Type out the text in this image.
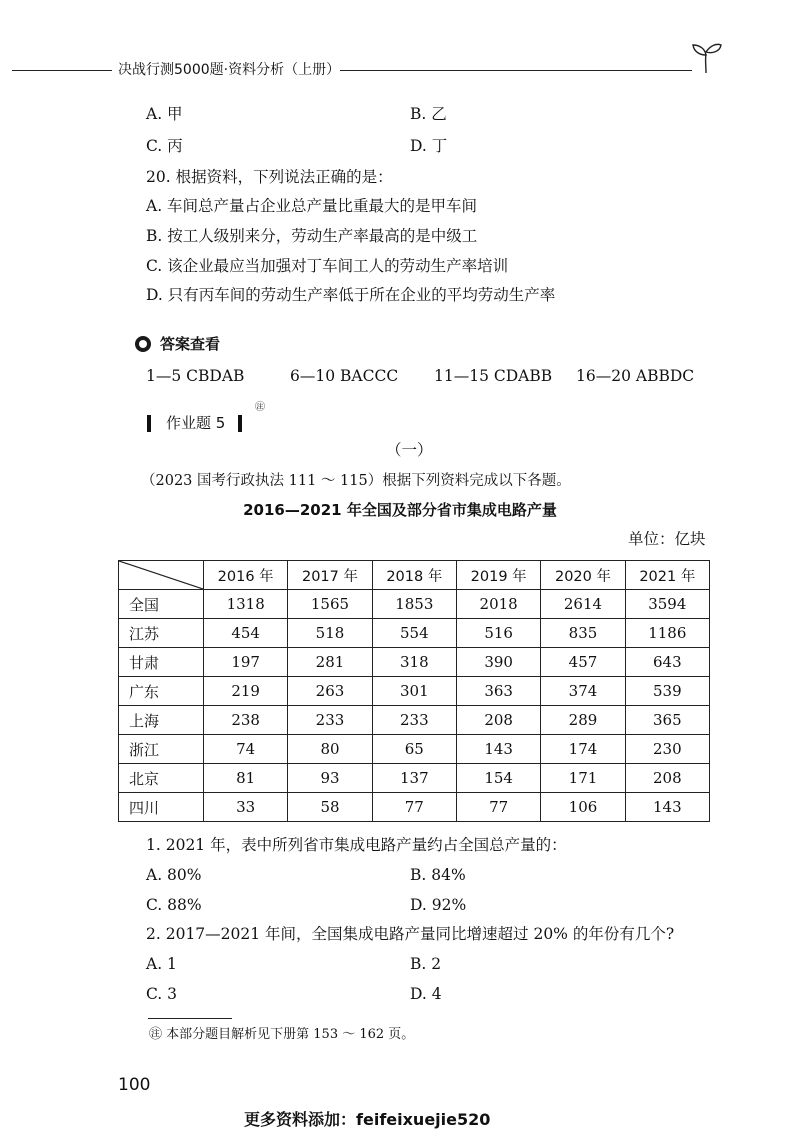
决战行测5000题·资料分析（上册）
A. 甲	B. 乙
C. 丙	D. 丁
20. 根据资料，下列说法正确的是：
A. 车间总产量占企业总产量比重最大的是甲车间
B. 按工人级别来分，劳动生产率最高的是中级工
C. 该企业最应当加强对丁车间工人的劳动生产率培训
D. 只有丙车间的劳动生产率低于所在企业的平均劳动生产率
答案查看
1—5 CBDAB	6—10 BACCC 11—15 CDABB 16—20 ABBDC
作业题 5
㊟
（一）
（2023 国考行政执法 111 ～ 115）根据下列资料完成以下各题。
2016—2021 年全国及部分省市集成电路产量
单位：亿块
	2016 年	2017 年	2018 年	2019 年	2020 年	2021 年
全国	1318	1565	1853	2018	2614	3594
江苏	454	518	554	516	835	1186
甘肃	197	281	318	390	457	643
广东	219	263	301	363	374	539
上海	238	233	233	208	289	365
浙江	74	80	65	143	174	230
北京	81	93	137	154	171	208
四川	33	58	77	77	106	143
1. 2021 年，表中所列省市集成电路产量约占全国总产量的：
A. 80%	B. 84%
C. 88%	D. 92%
2. 2017—2021 年间，全国集成电路产量同比增速超过 20% 的年份有几个?
A. 1	B. 2
C. 3	D. 4
㊟ 本部分题目解析见下册第 153 ～ 162 页。
100
更多资料添加：feifeixuejie520
